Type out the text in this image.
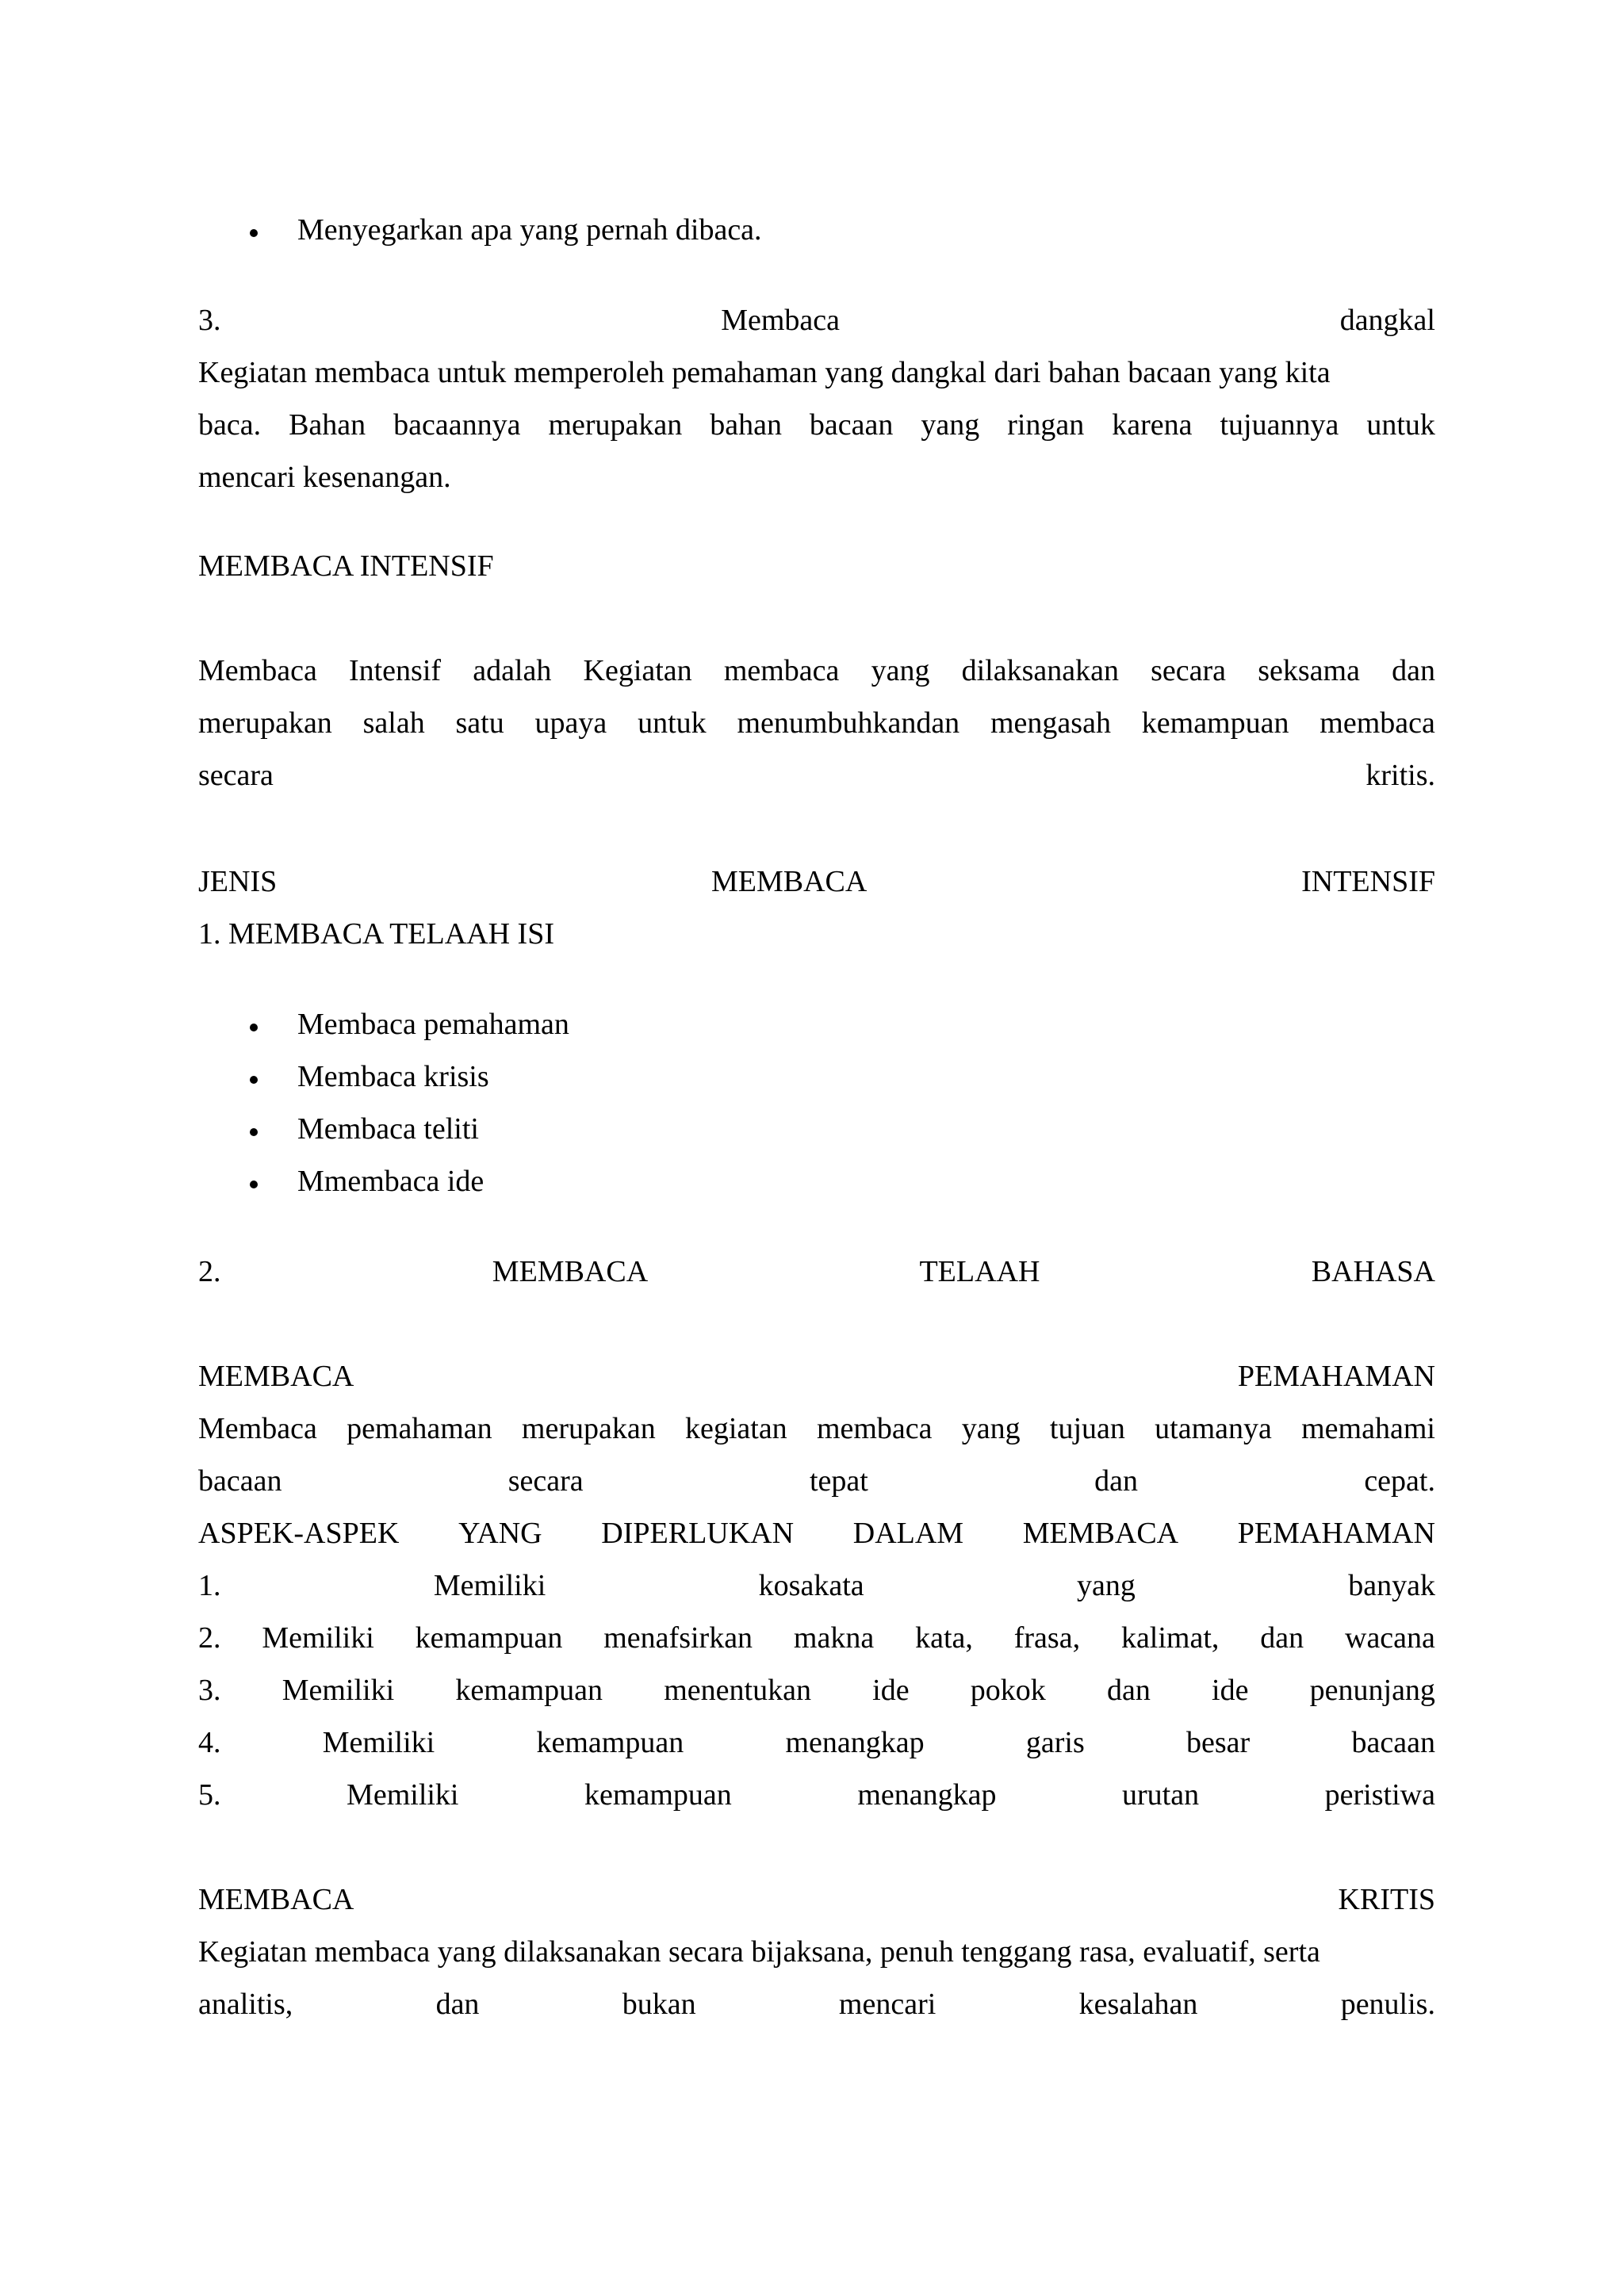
Menyegarkan apa yang pernah dibaca.
3.	Membaca	dangkal
Kegiatan membaca untuk memperoleh pemahaman yang dangkal dari bahan bacaan yang kita
baca. Bahan bacaannya merupakan bahan bacaan yang ringan karena tujuannya untuk
mencari kesenangan.
MEMBACA INTENSIF
Membaca Intensif adalah Kegiatan membaca yang dilaksanakan secara seksama dan
merupakan salah satu upaya untuk menumbuhkandan mengasah kemampuan membaca
secara	kritis.
JENIS	MEMBACA	INTENSIF
1. MEMBACA TELAAH ISI
Membaca pemahaman
Membaca krisis
Membaca teliti
Mmembaca ide
2.	MEMBACA	TELAAH	BAHASA
MEMBACA	PEMAHAMAN
Membaca pemahaman merupakan kegiatan membaca yang tujuan utamanya memahami
bacaan	secara	tepat	dan	cepat.
ASPEK-ASPEK YANG DIPERLUKAN DALAM MEMBACA PEMAHAMAN
1.	Memiliki	kosakata	yang	banyak
2. Memiliki kemampuan menafsirkan makna kata, frasa, kalimat, dan wacana
3. Memiliki kemampuan menentukan ide pokok dan ide penunjang
4.	Memiliki	kemampuan	menangkap	garis	besar	bacaan
5.	Memiliki	kemampuan	menangkap	urutan	peristiwa
MEMBACA	KRITIS
Kegiatan membaca yang dilaksanakan secara bijaksana, penuh tenggang rasa, evaluatif, serta
analitis,	dan	bukan	mencari	kesalahan	penulis.
